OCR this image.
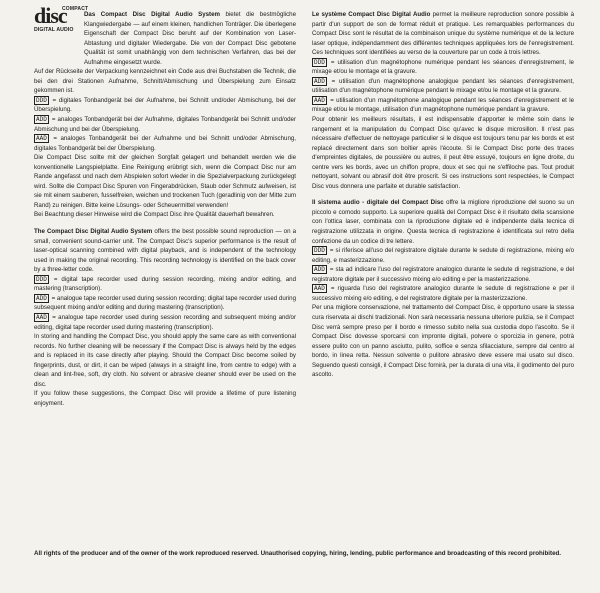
COMPACT
disc
DIGITAL AUDIO

Das Compact Disc Digital Audio System bietet die bestmögliche Klangwiedergabe — auf einem kleinen, handlichen Tonträger. Die überlegene Eigenschaft der Compact Disc beruht auf der Kombination von Laser-Abtastung und digitaler Wiedergabe. Die von der Compact Disc gebotene Qualität ist somit unabhängig von dem technischen Verfahren, das bei der Aufnahme eingesetzt wurde.

Auf der Rückseite der Verpackung kennzeichnet ein Code aus drei Buchstaben die Technik, die bei den drei Stationen Aufnahme, Schnitt/Abmischung und Überspielung zum Einsatz gekommen ist.

DDD = digitales Tonbandgerät bei der Aufnahme, bei Schnitt und/oder Abmischung, bei der Überspielung.

ADD = analoges Tonbandgerät bei der Aufnahme, digitales Tonbandgerät bei Schnitt und/oder Abmischung und bei der Überspielung.

AAD = analoges Tonbandgerät bei der Aufnahme und bei Schnitt und/oder Abmischung, digitales Tonbandgerät bei der Überspielung.

Die Compact Disc sollte mit der gleichen Sorgfalt gelagert und behandelt werden wie die konventionelle Langspielplatte. Eine Reinigung erübrigt sich, wenn die Compact Disc nur am Rande angefasst und nach dem Abspielen sofort wieder in die Spezialverpackung zurückgelegt wird. Sollte die Compact Disc Spuren von Fingerabdrücken, Staub oder Schmutz aufweisen, ist sie mit einem sauberen, fusselfreien, weichen und trockenen Tuch (geradlinig von der Mitte zum Rand) zu reinigen. Bitte keine Lösungs- oder Scheuermittel verwenden!

Bei Beachtung dieser Hinweise wird die Compact Disc ihre Qualität dauerhaft bewahren.

The Compact Disc Digital Audio System offers the best possible sound reproduction — on a small, convenient sound-carrier unit. The Compact Disc's superior performance is the result of laser-optical scanning combined with digital playback, and is independent of the technology used in making the original recording. This recording technology is identified on the back cover by a three-letter code.

DDD = digital tape recorder used during session recording, mixing and/or editing, and mastering (transcription).

ADD = analogue tape recorder used during session recording; digital tape recorder used during subsequent mixing and/or editing and during mastering (transcription).

AAD = analogue tape recorder used during session recording and subsequent mixing and/or editing, digital tape recorder used during mastering (transcription).

In storing and handling the Compact Disc, you should apply the same care as with conventional records. No further cleaning will be necessary if the Compact Disc is always held by the edges and is replaced in its case directly after playing. Should the Compact Disc become soiled by fingerprints, dust, or dirt, it can be wiped (always in a straight line, from centre to edge) with a clean and lint-free, soft, dry cloth. No solvent or abrasive cleaner should ever be used on the disc.

If you follow these suggestions, the Compact Disc will provide a lifetime of pure listening enjoyment.

Le système Compact Disc Digital Audio permet la meilleure reproduction sonore possible à partir d'un support de son de format réduit et pratique. Les remarquables performances du Compact Disc sont le résultat de la combinaison unique du système numérique et de la lecture laser optique, indépendamment des différentes techniques appliquées lors de l'enregistrement. Ces techniques sont identifiées au verso de la couverture par un code à trois lettres.

DDD = utilisation d'un magnétophone numérique pendant les séances d'enregistrement, le mixage et/ou le montage et la gravure.

ADD = utilisation d'un magnétophone analogique pendant les séances d'enregistrement, utilisation d'un magnétophone numérique pendant le mixage et/ou le montage et la gravure.

AAD = utilisation d'un magnétophone analogique pendant les séances d'enregistrement et le mixage et/ou le montage, utilisation d'un magnétophone numérique pendant la gravure.

Pour obtenir les meilleurs résultats, il est indispensable d'apporter le même soin dans le rangement et la manipulation du Compact Disc qu'avec le disque microsillon. Il n'est pas nécessaire d'effectuer de nettoyage particulier si le disque est toujours tenu par les bords et est replacé directement dans son boîtier après l'écoute. Si le Compact Disc porte des traces d'empreintes digitales, de poussière ou autres, il peut être essuyé, toujours en ligne droite, du centre vers les bords, avec un chiffon propre, doux et sec qui ne s'effiloche pas. Tout produit nettoyant, solvant ou abrasif doit être proscrit. Si ces instructions sont respectées, le Compact Disc vous donnera une parfaite et durable satisfaction.

Il sistema audio - digitale del Compact Disc offre la migliore riproduzione del suono su un piccolo e comodo supporto. La superiore qualità del Compact Disc è il risultato della scansione con l'ottica laser, combinata con la riproduzione digitale ed è indipendente dalla tecnica di registrazione utilizzata in origine. Questa tecnica di registrazione è identificata sul retro della confezione da un codice di tre lettere.

DDD = si riferisce all'uso del registratore digitale durante le sedute di registrazione, mixing e/o editing, e masterizzazione.

ADD = sta ad indicare l'uso del registratore analogico durante le sedute di registrazione, e del registratore digitale per il successivo mixing e/o editing e per la masterizzazione.

AAD = riguarda l'uso del registratore analogico durante le sedute di registrazione e per il successivo mixing e/o editing, e del registratore digitale per la masterizzazione.

Per una migliore conservazione, nel trattamento del Compact Disc, è opportuno usare la stessa cura riservata ai dischi tradizionali. Non sarà necessaria nessuna ulteriore pulizia, se il Compact Disc verrà sempre preso per il bordo e rimesso subito nella sua custodia dopo l'ascolto. Se il Compact Disc dovesse sporcarsi con impronte digitali, polvere o sporcizia in genere, potrà essere pulito con un panno asciutto, pulito, soffice e senza sfilacciature, sempre dal centro al bordo, in linea retta. Nessun solvente o pulitore abrasivo deve essere mai usato sul disco. Seguendo questi consigli, il Compact Disc fornirà, per la durata di una vita, il godimento del puro ascolto.

All rights of the producer and of the owner of the work reproduced reserved. Unauthorised copying, hiring, lending, public performance and broadcasting of this record prohibited.
